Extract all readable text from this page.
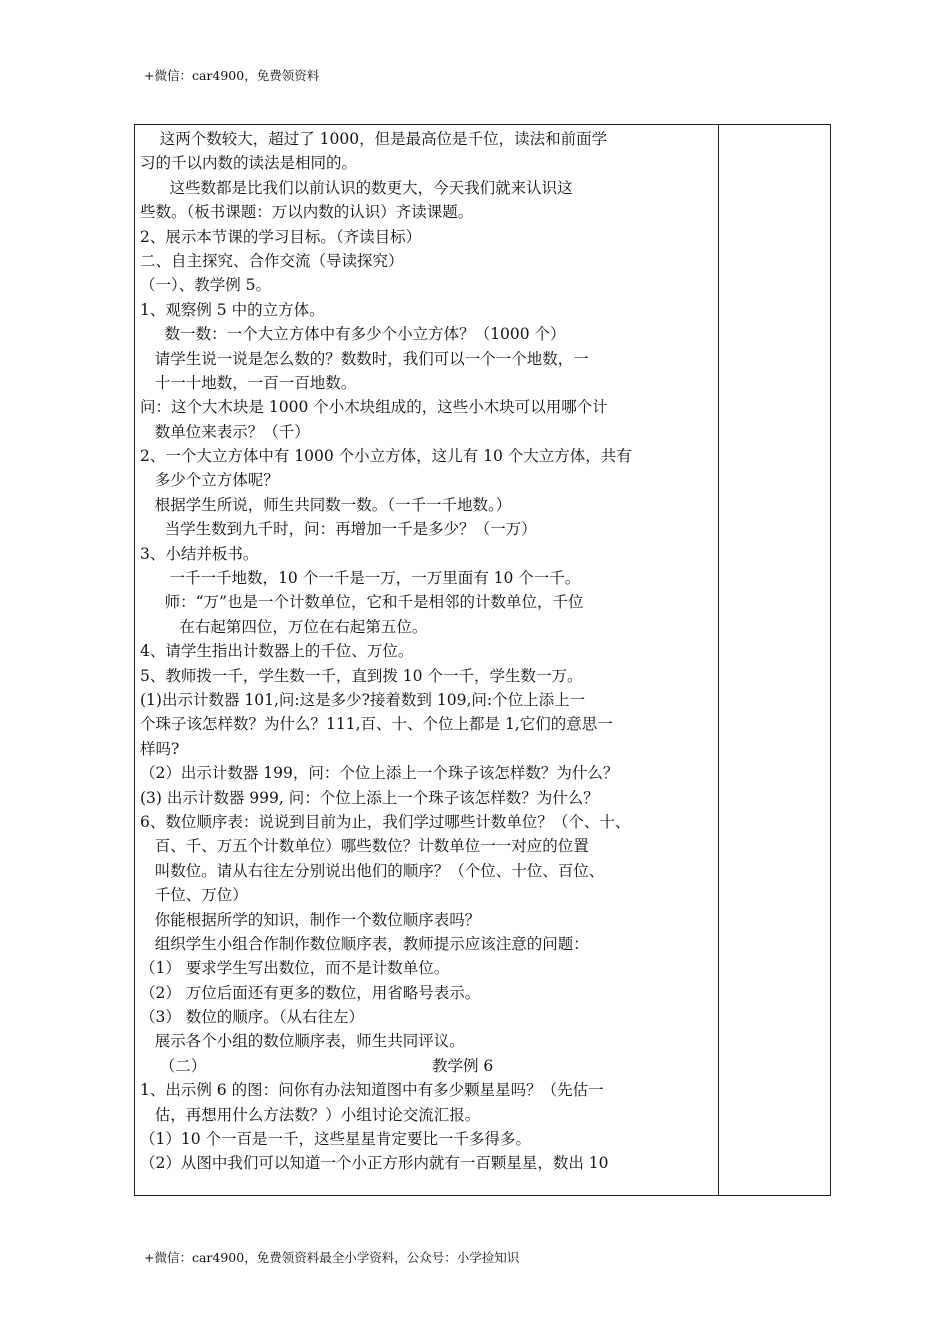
+微信：car4900，免费领资料
这两个数较大，超过了 1000，但是最高位是千位，读法和前面学
习的千以内数的读法是相同的。
这些数都是比我们以前认识的数更大，今天我们就来认识这
些数。（板书课题：万以内数的认识）齐读课题。
2、展示本节课的学习目标。（齐读目标）
二、自主探究、合作交流（导读探究）
（一）、教学例 5。
1、观察例 5 中的立方体。
数一数：一个大立方体中有多少个小立方体？（1000 个）
请学生说一说是怎么数的？数数时，我们可以一个一个地数，一
十一十地数，一百一百地数。
问：这个大木块是 1000 个小木块组成的，这些小木块可以用哪个计
数单位来表示？（千）
2、一个大立方体中有 1000 个小立方体，这儿有 10 个大立方体，共有
多少个立方体呢？
根据学生所说，师生共同数一数。（一千一千地数。）
当学生数到九千时，问：再增加一千是多少？（一万）
3、小结并板书。
一千一千地数，10 个一千是一万，一万里面有 10 个一千。
师：“万”也是一个计数单位，它和千是相邻的计数单位，千位
在右起第四位，万位在右起第五位。
4、请学生指出计数器上的千位、万位。
5、教师拨一千，学生数一千，直到拨 10 个一千，学生数一万。
(1)出示计数器 101,问:这是多少?接着数到 109,问:个位上添上一
个珠子该怎样数？为什么？111,百、十、个位上都是 1,它们的意思一
样吗?
（2）出示计数器 199，问：个位上添上一个珠子该怎样数？为什么？
(3) 出示计数器 999, 问：个位上添上一个珠子该怎样数？为什么？
6、数位顺序表：说说到目前为止，我们学过哪些计数单位？（个、十、
百、千、万五个计数单位）哪些数位？计数单位一一对应的位置
叫数位。请从右往左分别说出他们的顺序？（个位、十位、百位、
千位、万位）
你能根据所学的知识，制作一个数位顺序表吗？
组织学生小组合作制作数位顺序表，教师提示应该注意的问题：
（1） 要求学生写出数位，而不是计数单位。
（2） 万位后面还有更多的数位，用省略号表示。
（3） 数位的顺序。（从右往左）
展示各个小组的数位顺序表，师生共同评议。
（二）	教学例 6
1、出示例 6 的图：问你有办法知道图中有多少颗星星吗？（先估一
估，再想用什么方法数？）小组讨论交流汇报。
（1）10 个一百是一千，这些星星肯定要比一千多得多。
（2）从图中我们可以知道一个小正方形内就有一百颗星星，数出 10
+微信：car4900，免费领资料最全小学资料，公众号：小学捡知识
